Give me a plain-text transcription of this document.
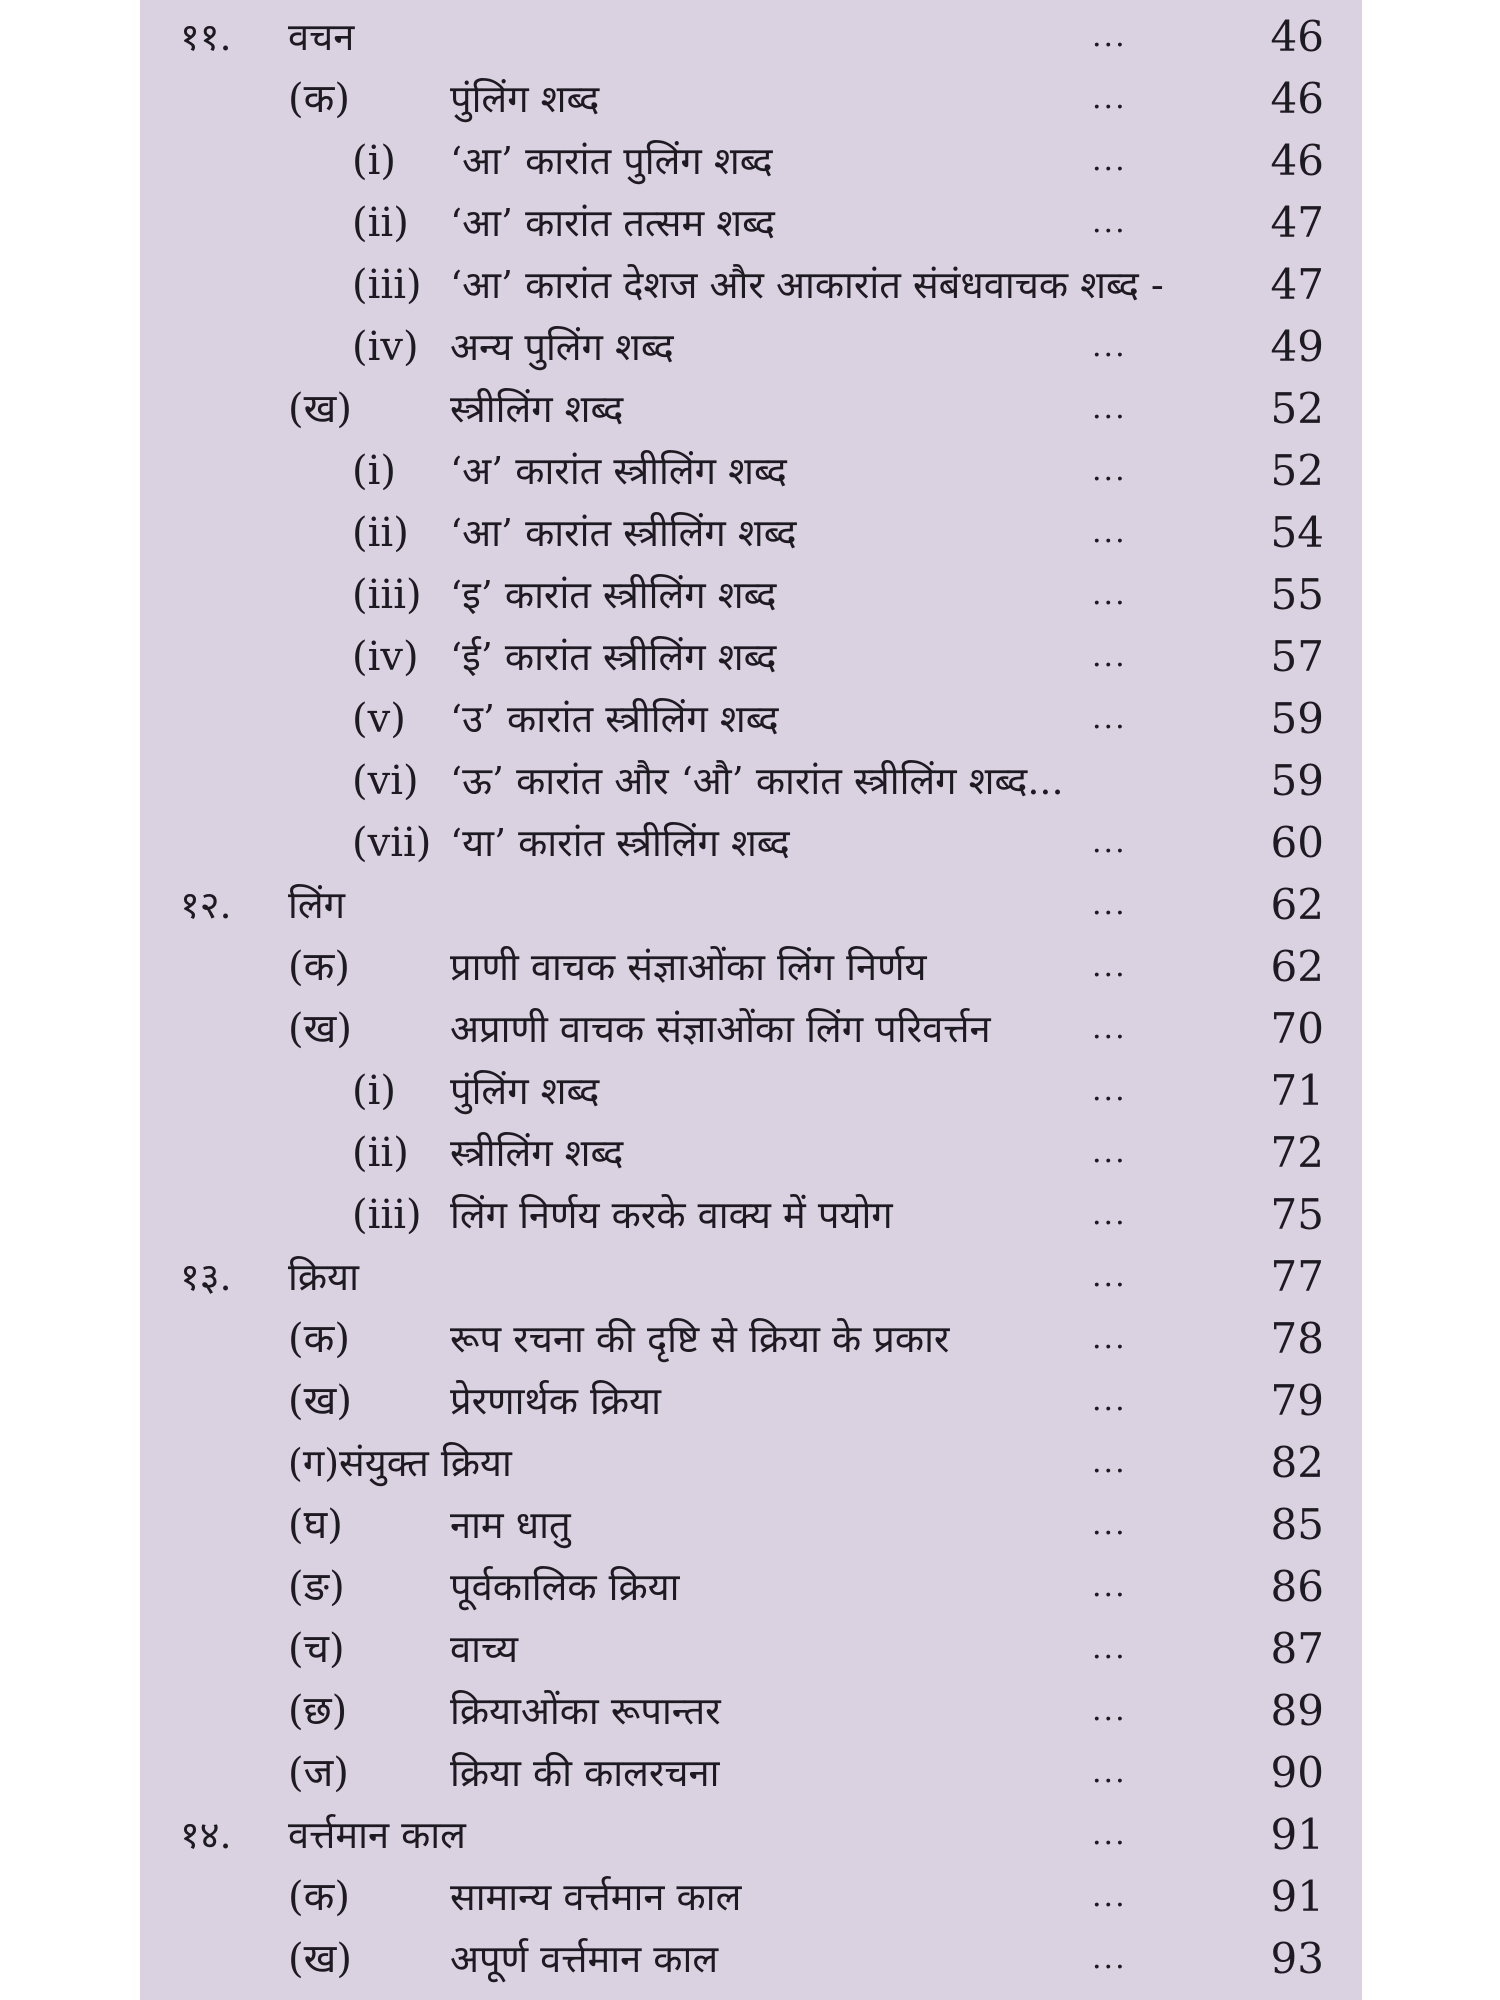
११. वचन	...	46
(क)	पुंलिंग शब्द	...	46
(i) ‘आ’ कारांत पुलिंग शब्द	...	46
(ii) ‘आ’ कारांत तत्सम शब्द	...	47
(iii) ‘आ’ कारांत देशज और आकारांत संबंधवाचक शब्द -	47
(iv) अन्य पुलिंग शब्द	...	49
(ख)	स्त्रीलिंग शब्द	...	52
(i) ‘अ’ कारांत स्त्रीलिंग शब्द	...	52
(ii) ‘आ’ कारांत स्त्रीलिंग शब्द	...	54
(iii) ‘इ’ कारांत स्त्रीलिंग शब्द	...	55
(iv) ‘ई’ कारांत स्त्रीलिंग शब्द	...	57
(v) ‘उ’ कारांत स्त्रीलिंग शब्द	...	59
(vi) ‘ऊ’ कारांत और ‘औ’ कारांत स्त्रीलिंग शब्द...	59
(vii) ‘या’ कारांत स्त्रीलिंग शब्द	...	60
१२. लिंग	...	62
(क)	प्राणी वाचक संज्ञाओंका लिंग निर्णय	...	62
(ख)	अप्राणी वाचक संज्ञाओंका लिंग परिवर्त्तन	...	70
(i) पुंलिंग शब्द	...	71
(ii) स्त्रीलिंग शब्द	...	72
(iii) लिंग निर्णय करके वाक्य में पयोग	...	75
१३. क्रिया	...	77
(क)	रूप रचना की दृष्टि से क्रिया के प्रकार	...	78
(ख)	प्रेरणार्थक क्रिया	...	79
(ग)संयुक्त क्रिया	...	82
(घ)	नाम धातु	...	85
(ङ)	पूर्वकालिक क्रिया	...	86
(च)	वाच्य	...	87
(छ)	क्रियाओंका रूपान्तर	...	89
(ज)	क्रिया की कालरचना	...	90
१४. वर्त्तमान काल	...	91
(क)	सामान्य वर्त्तमान काल	...	91
(ख)	अपूर्ण वर्त्तमान काल	...	93
